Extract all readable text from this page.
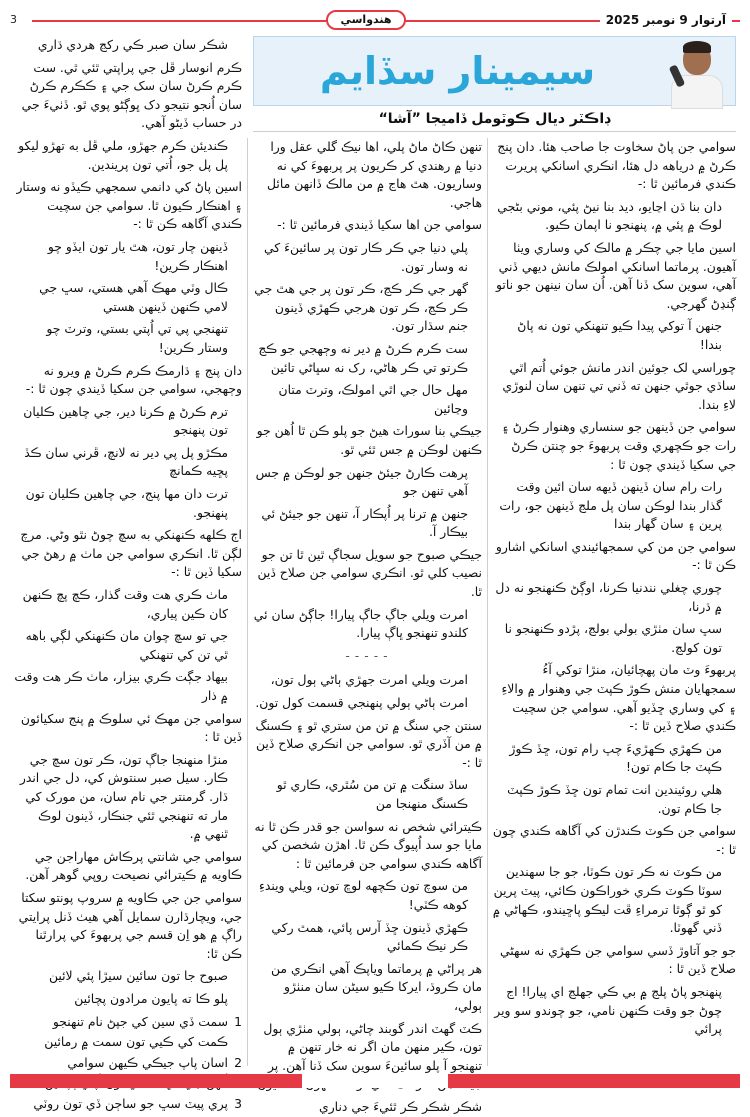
3	هندواسي	آرتوار 9 نومبر 2025
سيمينار سڏايم
ڊاڪٽر ديال ڪوٽومل ڏاميجا ”آشا“

سوامي جن پاڻ سخاوت جا صاحب هئا. دان پنج ڪرڻ ۾ درياهه دل هئا، انڪري اسانکي پريرت ڪندي فرمائين ٿا :-

دان بنا ڌن اڃايو، ديد بنا نيڻ پئي، موني بڻجي لوڪ ۾ پئي ۾، پنهنجو نا اپمان ڪيو.

اسين مايا جي چڪر ۾ مالڪ کي وساري ويٺا آهيون. پرماتما اسانکي امولڪ مانش ديهي ڏني آهي، سوين سک ڏنا آهن. اُن سان نينهن جو ناتو ڳنڍڻ گهرجي.

جنهن آ توکي پيدا ڪيو تنهنکي تون نه پاڻ بندا!

چوراسي لک جوئين اندر مانش جوئي اُتم اٿي ساڌي جوٿي جنهن ته ڏني تي تنهن سان لنوڙي لاءِ بندا.

سوامي جن ڏينهن جو سنساري وهنوار ڪرڻ ۽ رات جو ڪچهري وقت پربهوءَ جو چنتن ڪرڻ جي سکيا ڏيندي چون ٿا :

رات رام سان ڏينهن ڏيهه سان ائين وقت گذار بندا لوڪن سان پل ملڃ ڏينهن جو، رات پرين ۽ سان گهار بندا

سوامي جن من کي سمجهائيندي اسانکي اشارو ڪن ٿا :-

چوري چغلي نندنيا ڪرنا، اوڳڻ ڪنهنجو نه دل ۾ ڌرنا،

سڀ سان مٺڙي بولي بولڃ، پڙدو ڪنهنجو نا تون کولڃ.

پربهوءَ وٽ مان پهچائيان، منڙا توکي آءُ سمجهايان منش ڪوڙ ڪپٽ جي وهنوار ۾ والاءِ ۽ کي وساري ڇڏيو آهي. سوامي جن سچيت ڪندي صلاح ڏين ٿا :-

من ڪهڙي ڪهڙيءَ چپ رام تون، ڇڏ ڪوڙ ڪپٽ جا ڪام تون!

هلي روئيندين انت تمام تون ڇڏ ڪوڙ ڪپٽ جا ڪام تون.

سوامي جن ڪوٽ ڪندڙن کي آگاهه ڪندي چون ٿا :-

من ڪوٽ نه ڪر تون ڪوٽا، جو جا سهندين سوٽا ڪوٽ ڪري خوراڪون ڪائي، پيٽ پرين کو ٿو ڳوٿا ترمراءِ ڦت ليڪو پاڇيندو، ڪهاڻي ۾ ڏني گهوٽا.

جو جو آتاوڙ ڏسي سوامي جن ڪهڙي نه سهڻي صلاح ڏين ٿا :

پنهنجو پاڻ پلڃ ۾ بي ڪي جهلڃ اي پيارا! اڃ چوڻ جو وقت ڪنهن نامي، جو چوندو سو وير پرائي

تنهن ڪاڻ ماڻ پلي، اها نيڪ گلي عقل ورا دنيا ۾ رهندي کر ڪريون پر پربهوءَ کي نه وساريون. هٿ هاڃ ۾ من مالڪ ڏانهن مائل هاجي.

سوامي جن اها سکيا ڏيندي فرمائين ٿا :-

پلي دنيا جي ڪر ڪار تون پر سائينءَ کي نه وسار تون.

گهر جي ڪر ڪڃ، ڪر تون پر جي هٿ جي ڪر ڪڃ، ڪر تون هرجي ڪهڙي ڏينون جنم سڌار تون.

ست ڪرم ڪرڻ ۾ دير نه وڄهجي جو ڪڃ ڪرتو تي ڪر هاڻي، رک نه سڀاڻي تائين

مهل حال جي اٿي امولڪ، وترٽ متان وڃائين

جيڪي بنا سوراٽ هيڻ جو پلو ڪن ٿا اُهن جو ڪنهن لوڪن ۾ جس ٿئي ٿو.

پرهت ڪارڻ جيئڻ جنهن جو لوڪن ۾ جس آهي تنهن جو

جنهن ۾ ترنا پر اُپڪار آ، تنهن جو جيئڻ ئي بيڪار آ.

جيڪي صبوح جو سويل سجاڳ ٿين ٿا تن جو نصيب کلي ٿو. انڪري سوامي جن صلاح ڏين ٿا.

امرت ويلي جاڳ جاڳ پيارا! جاڳڻ سان ئي کلندو تنهنجو ڀاڳ پيارا.

-----

امرت ويلي امرت جهڙي ٻاڻي ٻول تون،

امرت ٻاڻي ٻولي پنهنجي قسمت کول تون.

سنتن جي سنگ ۾ تن من ستري ٿو ۽ ڪسنگ ۾ من آڏري ٿو. سوامي جن انڪري صلاح ڏين ٿا :-

ساڌ سنگت ۾ تن من سُٿري، ڪاري ٿو ڪسنگ منهنجا من

ڪيترائي شخص نه سواسن جو قدر ڪن ٿا نه مايا جو سد اُپيوگ ڪن ٿا. اهڙن شخصن کي آگاهه ڪندي سوامي جن فرمائين ٿا :

من سوچ تون ڪچهه لوڇ تون، ويلي ويندءِ کوهه ڪٽي!

ڪهڙي ڏينون ڇڏ آرس پائي، همٿ رکي ڪر نيڪ ڪمائي

هر پراڻي ۾ پرماتما وياپڪ آهي انڪري من مان ڪروڌ، ايرکا ڪيو سيڻن سان منٺڙو ٻولي،

ڪٽ گهٽ اندر گوبند چاڻي، ٻولي مٺڙي ٻول تون، ڪير منهن مان اگر نه خار تنهن ۾ تنهنجو آ پلو سائينءَ سوين سک ڏنا آهن. پر

شڪر شڪر ڪر ٿئيءَ جي دناري

شڪر سان صبر ڪي رکڃ هردي ڌاري

ڪرم انوسار ڦل جي پراپتي ٿئي ٿي. ست ڪرم ڪرڻ سان سک جي ۽ ڪڪرم ڪرڻ سان اُنجو نتيجو دک ڀوڳڻو پوي ٿو. ڏٺيءَ جي در حساب ڏيڻو آهي.

ڪنديئن ڪرم جهڙو، ملي ڦل به تهڙو ليکو پل پل جو، اُتي تون پريندين.

اسين پاڻ کي دانمي سمجهي ڪيڏو نه وستار ۽ اهنڪار ڪيون ٿا. سوامي جن سچيت ڪندي آگاهه ڪن ٿا :-

ڏينهن چار تون، هٿ يار تون ايڏو چو اهنڪار ڪرين!

ڪال وٽي مهڪ آهي هستي، سڀ جي لامي ڪنهن ڏينهن هستي

تنهنجي پي تي اُپتي بستي، وترٽ چو وستار ڪرين!

دان پنج ۽ ڌارمڪ ڪرم ڪرڻ ۾ ويرو نه وڄهجي، سوامي جن سکيا ڏيندي چون ٿا :-

ترم ڪرڻ ۾ ڪرنا دير، جي چاهين ڪليان تون پنهنجو

مڪڙو پل پي دير نه لانچ، ڦرني سان ڪڏ پڇيه ڪمانچ

ترت دان مها پنج، جي چاهين ڪليان تون پنهنجو.

اڄ ڪلهه ڪنهنکي به سچ چوڻ نٿو وڻي. مرچ لڳن ٿا. انڪري سوامي جن ماٺ ۾ رهڻ جي سکيا ڏين ٿا :-

ماٺ ڪري هت وقت گذار، ڪچ پچ ڪنهن کان ڪين پياري،

جي تو سچ چوان مان ڪنهنکي لڳي باهه ٿي تن کي تنهنکي

بيهاد جڳت ڪري بيزار، ماٺ ڪر هت وقت ۾ ذار

سوامي جن مهڪ ئي سلوڪ ۾ پنج سکيائون ڏين ٿا :

منڙا منهنجا جاڳ تون، ڪر تون سچ جي ڪار. سيل صبر سنتوش کي، دل جي اندر ڌار. گرمنتر جي نام سان، من مورک کي مار ته تنهنجي ٿئي جنڪار، ڏينون لوڪ ٿنهي ۾.

سوامي جي شانتي پرڪاش مهاراجن جي ڪاويه ۾ ڪيترائي نصيحت روپي گوهر آهن.

سوامي جن جي ڪاويه ۾ سروپ پونتو سکتا جي، ويچارڌارن سمايل آهي هيٺ ڏنل پرايتي راڳ ۾ هو اِن قسم جي پربهوءَ کي پرارٿنا ڪن ٿا:

صبوح جا تون سائين سيڙا پئي لائين

پلو ڪا ته پايون مرادون پچائين

1
سمت ڏي سين کي جپڻ نام تنهنجو
ڪمت کي ڪيي تون سمت ۾ رمائين
2
اسان پاپ جيڪي ڪيهن سوامي
3
پري پيٽ سڀ جو ساڄن ڏي تون روٽي
